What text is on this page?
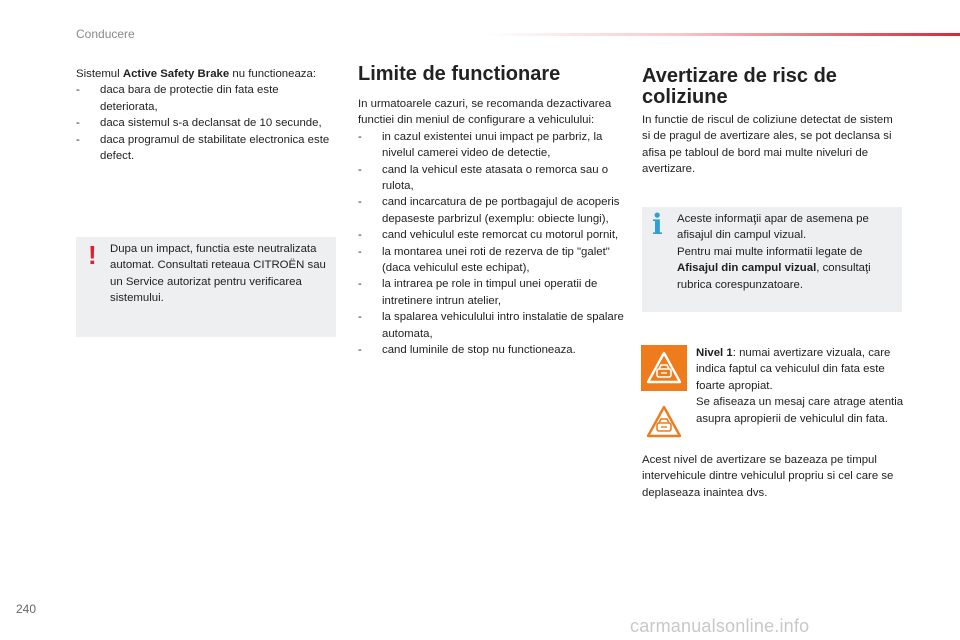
Conducere

Sistemul Active Safety Brake nu functioneaza:

- daca bara de protectie din fata este deteriorata,
- daca sistemul s-a declansat de 10 secunde,
- daca programul de stabilitate electronica este defect.
! Dupa un impact, functia este neutralizata automat. Consultati reteaua CITROËN sau un Service autorizat pentru verificarea sistemului.
Limite de functionare

In urmatoarele cazuri, se recomanda dezactivarea functiei din meniul de configurare a vehiculului:

- in cazul existentei unui impact pe parbriz, la nivelul camerei video de detectie,
- cand la vehicul este atasata o remorca sau o rulota,
- cand incarcatura de pe portbagajul de acoperis depaseste parbrizul (exemplu: obiecte lungi),
- cand vehiculul este remorcat cu motorul pornit,
- la montarea unei roti de rezerva de tip "galet" (daca vehiculul este echipat),
- la intrarea pe role in timpul unei operatii de intretinere intrun atelier,
- la spalarea vehiculului intro instalatie de spalare automata,
- cand luminile de stop nu functioneaza.
Avertizare de risc de coliziune

In functie de riscul de coliziune detectat de sistem si de pragul de avertizare ales, se pot declansa si afisa pe tabloul de bord mai multe niveluri de avertizare.

i Aceste informaţii apar de asemena pe afisajul din campul vizual.

Pentru mai multe informatii legate de Afisajul din campul vizual, consultaţi rubrica corespunzatoare.

Nivel 1: numai avertizare vizuala, care indica faptul ca vehiculul din fata este foarte apropiat.

Se afiseaza un mesaj care atrage atentia asupra apropierii de vehiculul din fata.

Acest nivel de avertizare se bazeaza pe timpul intervehicule dintre vehiculul propriu si cel care se deplaseaza inaintea dvs.

240
carmanualsonline.info
